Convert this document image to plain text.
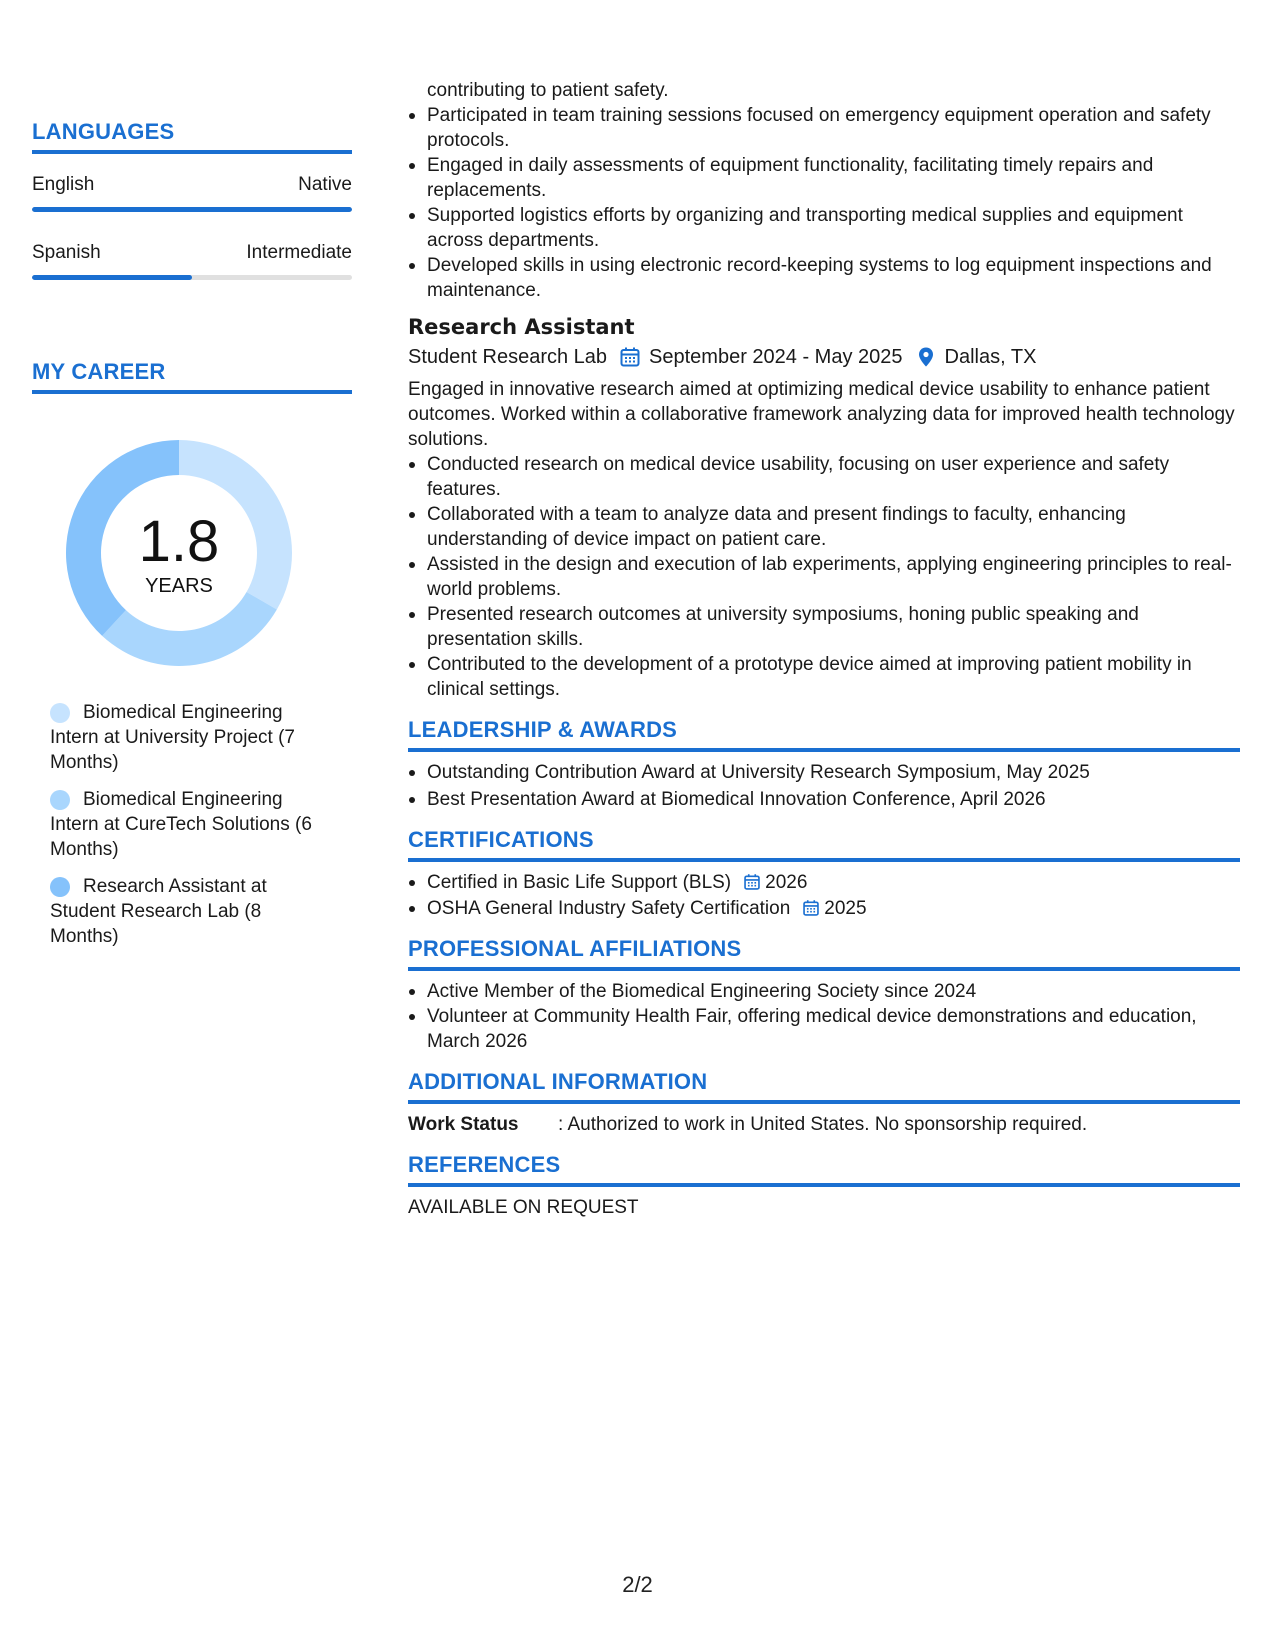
LANGUAGES
English	Native
Spanish	Intermediate
MY CAREER
1.8
YEARS
Biomedical Engineering Intern at University Project (7 Months)
Biomedical Engineering Intern at CureTech Solutions (6 Months)
Research Assistant at Student Research Lab (8 Months)
contributing to patient safety.
Participated in team training sessions focused on emergency equipment operation and safety protocols.
Engaged in daily assessments of equipment functionality, facilitating timely repairs and replacements.
Supported logistics efforts by organizing and transporting medical supplies and equipment across departments.
Developed skills in using electronic record-keeping systems to log equipment inspections and maintenance.
Research Assistant
Student Research Lab September 2024 - May 2025 Dallas, TX
Engaged in innovative research aimed at optimizing medical device usability to enhance patient outcomes. Worked within a collaborative framework analyzing data for improved health technology solutions.
Conducted research on medical device usability, focusing on user experience and safety features.
Collaborated with a team to analyze data and present findings to faculty, enhancing understanding of device impact on patient care.
Assisted in the design and execution of lab experiments, applying engineering principles to real-world problems.
Presented research outcomes at university symposiums, honing public speaking and presentation skills.
Contributed to the development of a prototype device aimed at improving patient mobility in clinical settings.
LEADERSHIP & AWARDS
Outstanding Contribution Award at University Research Symposium, May 2025
Best Presentation Award at Biomedical Innovation Conference, April 2026
CERTIFICATIONS
Certified in Basic Life Support (BLS) 2026
OSHA General Industry Safety Certification 2025
PROFESSIONAL AFFILIATIONS
Active Member of the Biomedical Engineering Society since 2024
Volunteer at Community Health Fair, offering medical device demonstrations and education, March 2026
ADDITIONAL INFORMATION
Work Status	: Authorized to work in United States. No sponsorship required.
REFERENCES
AVAILABLE ON REQUEST
2/2
